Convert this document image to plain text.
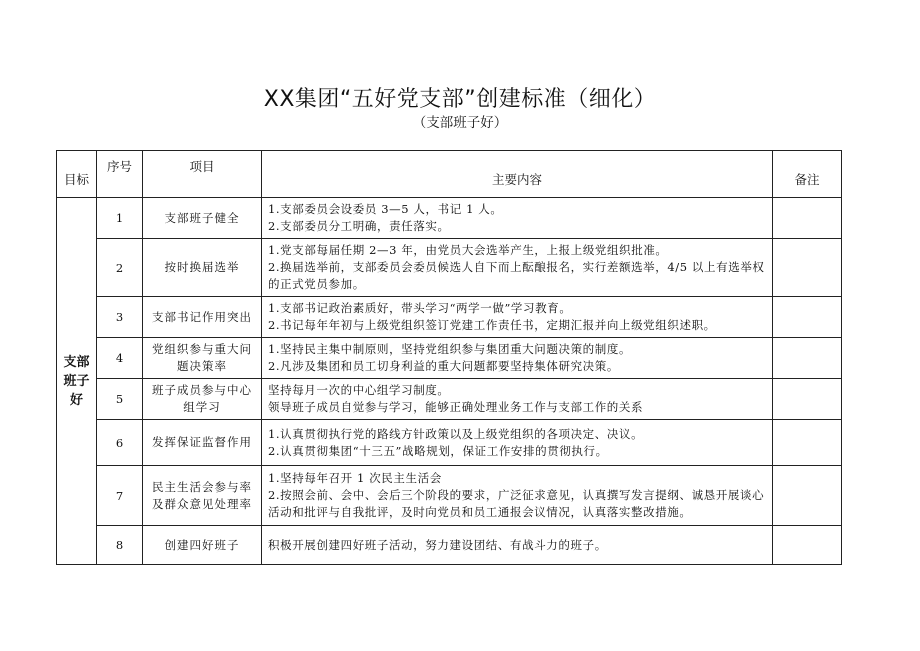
XX集团“五好党支部”创建标准（细化）
（支部班子好）
目标	序号	项目	主要内容	备注
支部班子好	1	支部班子健全	1.支部委员会设委员 3—5 人，书记 1 人。
2.支部委员分工明确，责任落实。	

	2	按时换届选举	1.党支部每届任期 2—3 年，由党员大会选举产生，上报上级党组织批准。
2.换届选举前，支部委员会委员候选人自下而上酝酿报名，实行差额选举，4/5 以上有选举权的正式党员参加。	

	3	支部书记作用突出	1.支部书记政治素质好，带头学习“两学一做”学习教育。
2.书记每年年初与上级党组织签订党建工作责任书，定期汇报并向上级党组织述职。	

	4	党组织参与重大问题决策率	1.坚持民主集中制原则，坚持党组织参与集团重大问题决策的制度。
2.凡涉及集团和员工切身利益的重大问题都要坚持集体研究决策。	

	5	班子成员参与中心组学习	坚持每月一次的中心组学习制度。
领导班子成员自觉参与学习，能够正确处理业务工作与支部工作的关系	

	6	发挥保证监督作用	1.认真贯彻执行党的路线方针政策以及上级党组织的各项决定、决议。
2.认真贯彻集团“十三五”战略规划，保证工作安排的贯彻执行。	

	7	民主生活会参与率及群众意见处理率	1.坚持每年召开 1 次民主生活会
2.按照会前、会中、会后三个阶段的要求，广泛征求意见，认真撰写发言提纲、诚恳开展谈心活动和批评与自我批评，及时向党员和员工通报会议情况，认真落实整改措施。	

	8	创建四好班子	积极开展创建四好班子活动，努力建设团结、有战斗力的班子。	
